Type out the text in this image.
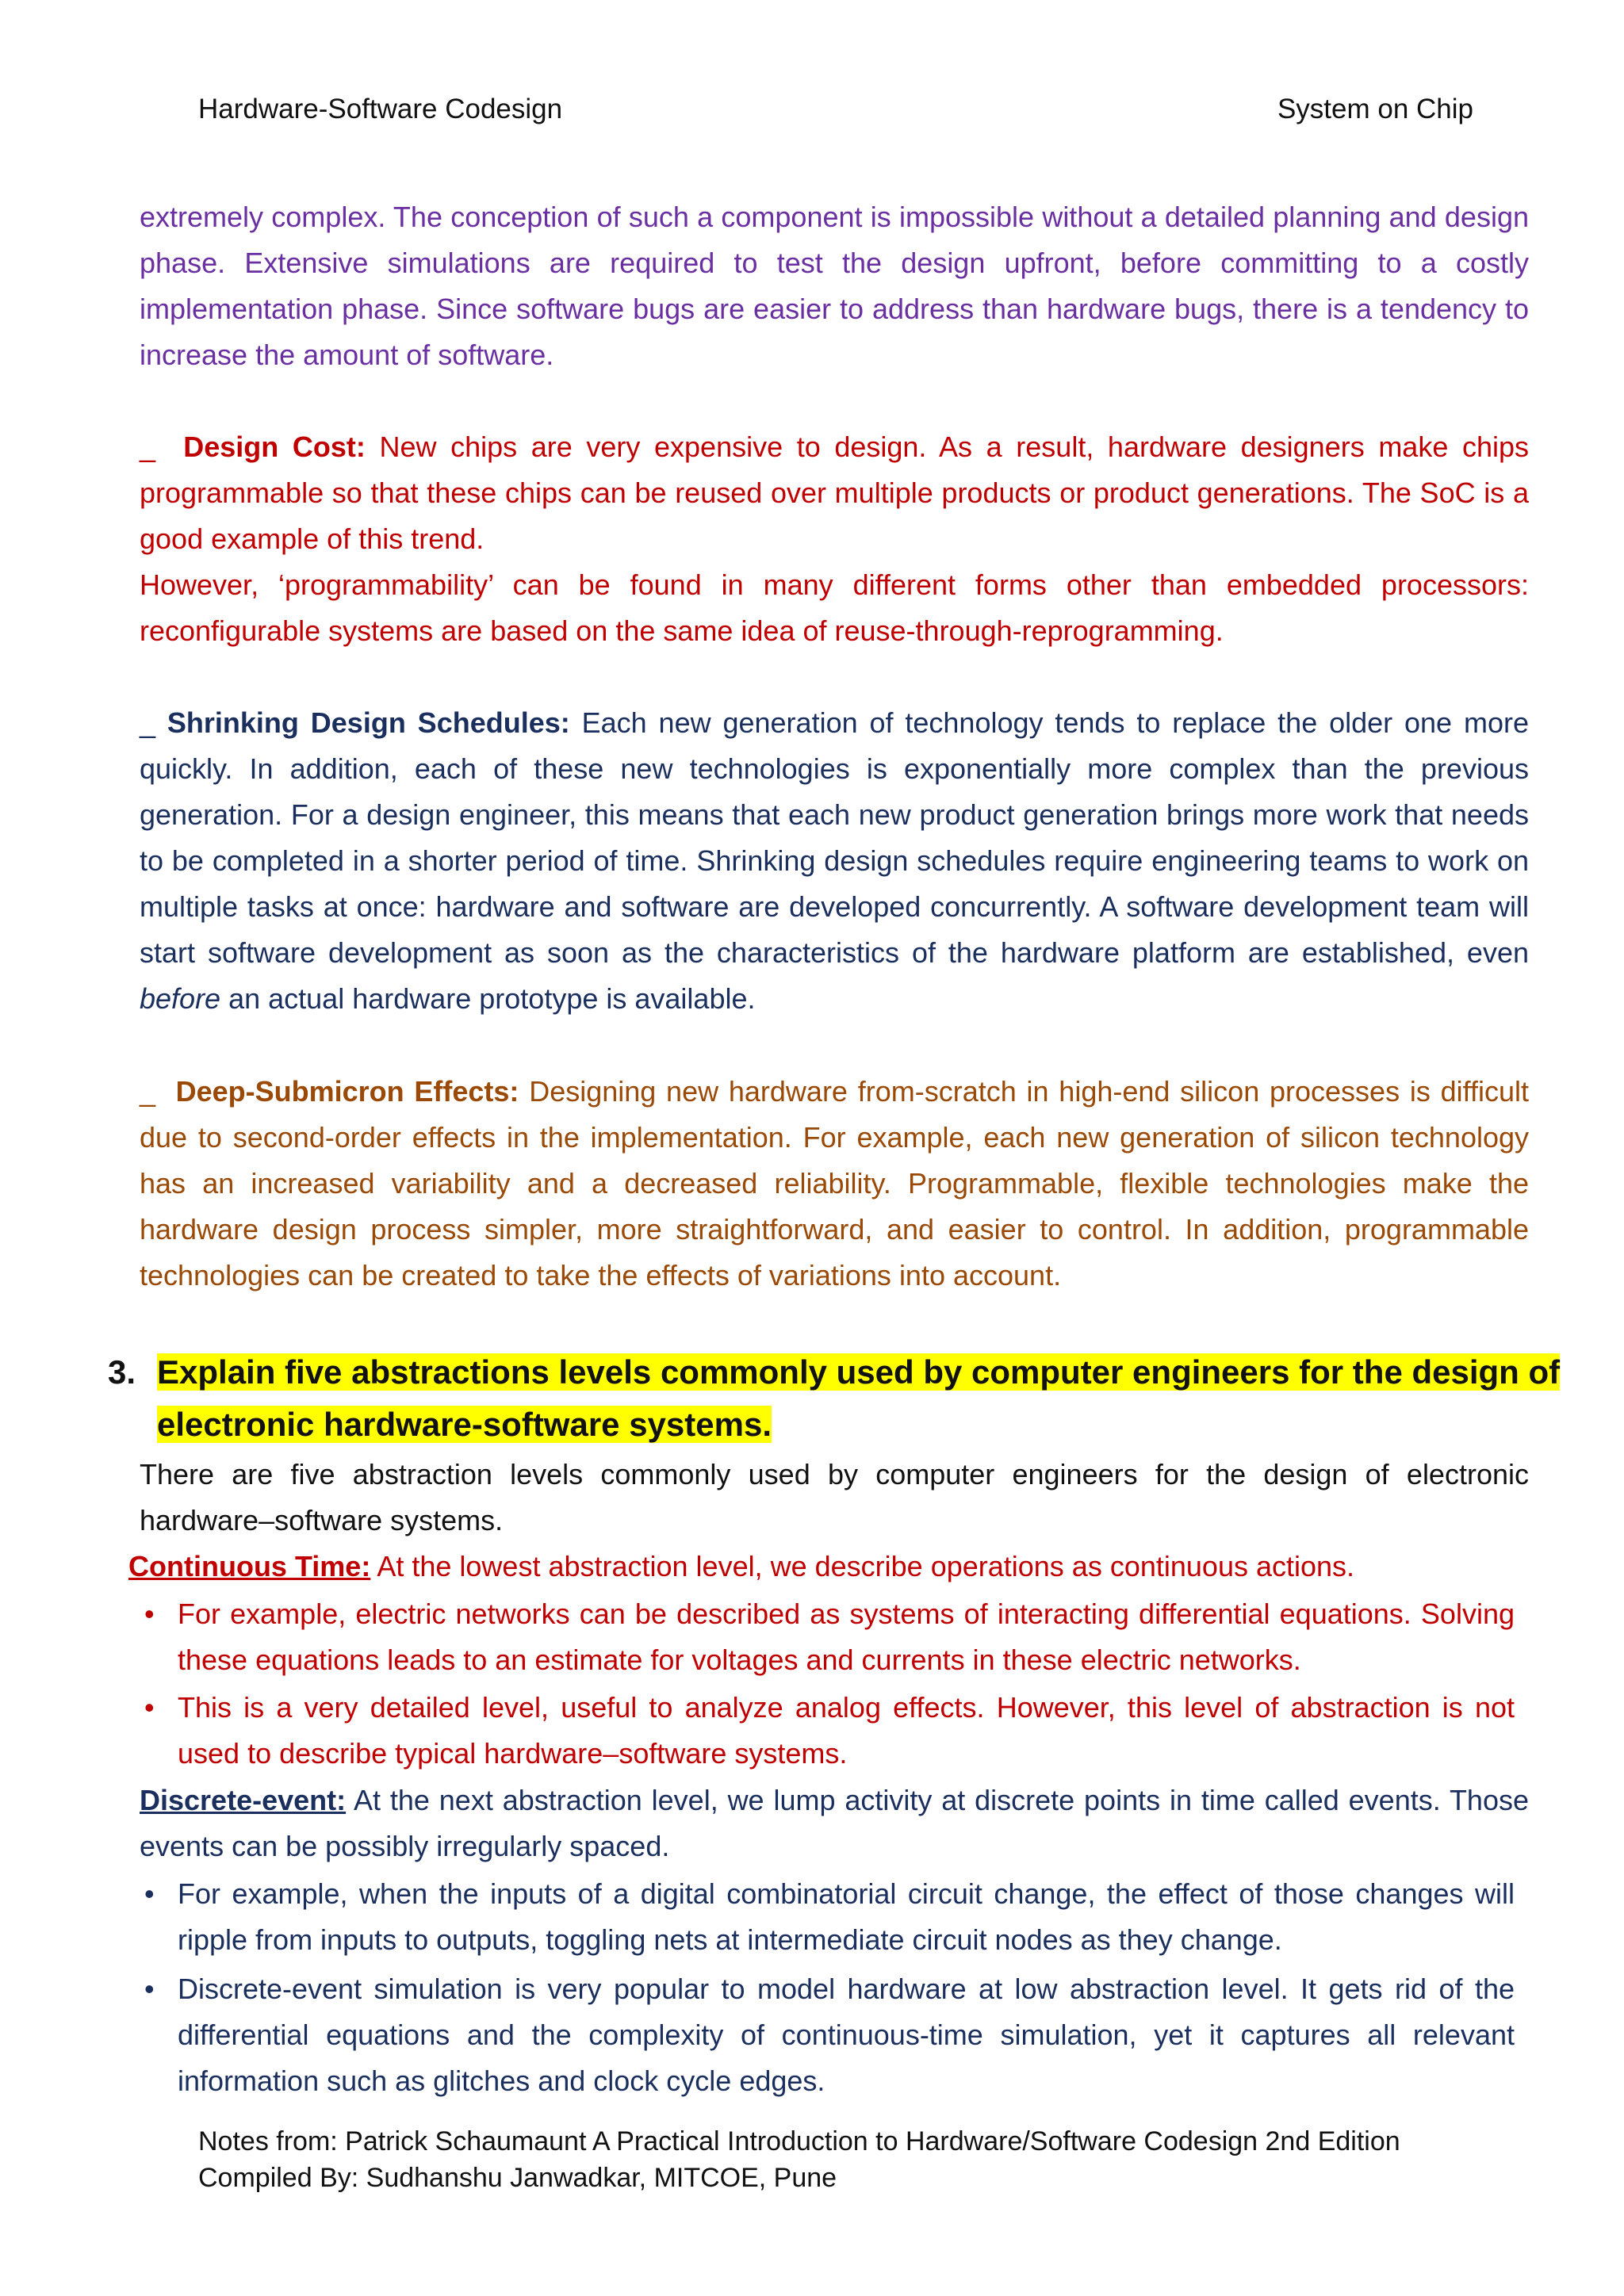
Hardware-Software Codesign	System on Chip

extremely complex. The conception of such a component is impossible without a detailed planning and design phase. Extensive simulations are required to test the design upfront, before committing to a costly implementation phase. Since software bugs are easier to address than hardware bugs, there is a tendency to increase the amount of software.

_ Design Cost: New chips are very expensive to design. As a result, hardware designers make chips programmable so that these chips can be reused over multiple products or product generations. The SoC is a good example of this trend.
However, ‘programmability’ can be found in many different forms other than embedded processors: reconfigurable systems are based on the same idea of reuse-through-reprogramming.

_ Shrinking Design Schedules: Each new generation of technology tends to replace the older one more quickly. In addition, each of these new technologies is exponentially more complex than the previous generation. For a design engineer, this means that each new product generation brings more work that needs to be completed in a shorter period of time. Shrinking design schedules require engineering teams to work on multiple tasks at once: hardware and software are developed concurrently. A software development team will start software development as soon as the characteristics of the hardware platform are established, even before an actual hardware prototype is available.

_ Deep-Submicron Effects: Designing new hardware from-scratch in high-end silicon processes is difficult due to second-order effects in the implementation. For example, each new generation of silicon technology has an increased variability and a decreased reliability. Programmable, flexible technologies make the hardware design process simpler, more straightforward, and easier to control. In addition, programmable technologies can be created to take the effects of variations into account.

3. Explain five abstractions levels commonly used by computer engineers for the design of electronic hardware-software systems.

There are five abstraction levels commonly used by computer engineers for the design of electronic hardware–software systems.

Continuous Time: At the lowest abstraction level, we describe operations as continuous actions.

• For example, electric networks can be described as systems of interacting differential equations. Solving these equations leads to an estimate for voltages and currents in these electric networks.
• This is a very detailed level, useful to analyze analog effects. However, this level of abstraction is not used to describe typical hardware–software systems.

Discrete-event: At the next abstraction level, we lump activity at discrete points in time called events. Those events can be possibly irregularly spaced.

• For example, when the inputs of a digital combinatorial circuit change, the effect of those changes will ripple from inputs to outputs, toggling nets at intermediate circuit nodes as they change.
• Discrete-event simulation is very popular to model hardware at low abstraction level. It gets rid of the differential equations and the complexity of continuous-time simulation, yet it captures all relevant information such as glitches and clock cycle edges.
Notes from: Patrick Schaumaunt A Practical Introduction to Hardware/Software Codesign 2nd Edition
Compiled By: Sudhanshu Janwadkar, MITCOE, Pune
